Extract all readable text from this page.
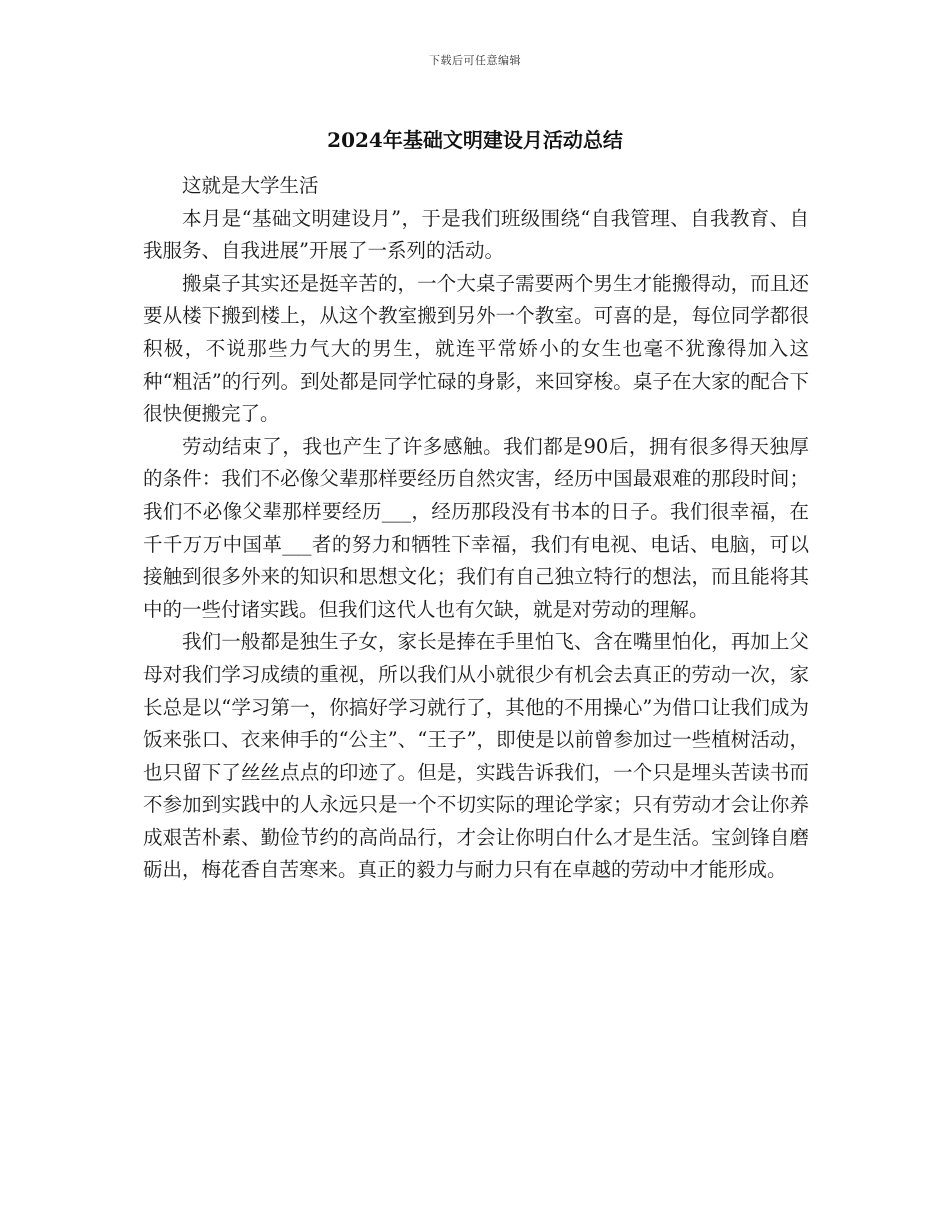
下载后可任意编辑
2024年基础文明建设月活动总结

这就是大学生活

本月是“基础文明建设月”，于是我们班级围绕“自我管理、自我教育、自我服务、自我进展”开展了一系列的活动。

搬桌子其实还是挺辛苦的，一个大桌子需要两个男生才能搬得动，而且还要从楼下搬到楼上，从这个教室搬到另外一个教室。可喜的是，每位同学都很积极，不说那些力气大的男生，就连平常娇小的女生也毫不犹豫得加入这种“粗活”的行列。到处都是同学忙碌的身影，来回穿梭。桌子在大家的配合下很快便搬完了。

劳动结束了，我也产生了许多感触。我们都是90后，拥有很多得天独厚的条件：我们不必像父辈那样要经历自然灾害，经历中国最艰难的那段时间；我们不必像父辈那样要经历___，经历那段没有书本的日子。我们很幸福，在千千万万中国革___者的努力和牺牲下幸福，我们有电视、电话、电脑，可以接触到很多外来的知识和思想文化；我们有自己独立特行的想法，而且能将其中的一些付诸实践。但我们这代人也有欠缺，就是对劳动的理解。

我们一般都是独生子女，家长是捧在手里怕飞、含在嘴里怕化，再加上父母对我们学习成绩的重视，所以我们从小就很少有机会去真正的劳动一次，家长总是以“学习第一，你搞好学习就行了，其他的不用操心”为借口让我们成为饭来张口、衣来伸手的“公主”、“王子”，即使是以前曾参加过一些植树活动，也只留下了丝丝点点的印迹了。但是，实践告诉我们，一个只是埋头苦读书而不参加到实践中的人永远只是一个不切实际的理论学家；只有劳动才会让你养成艰苦朴素、勤俭节约的高尚品行，才会让你明白什么才是生活。宝剑锋自磨砺出，梅花香自苦寒来。真正的毅力与耐力只有在卓越的劳动中才能形成。
